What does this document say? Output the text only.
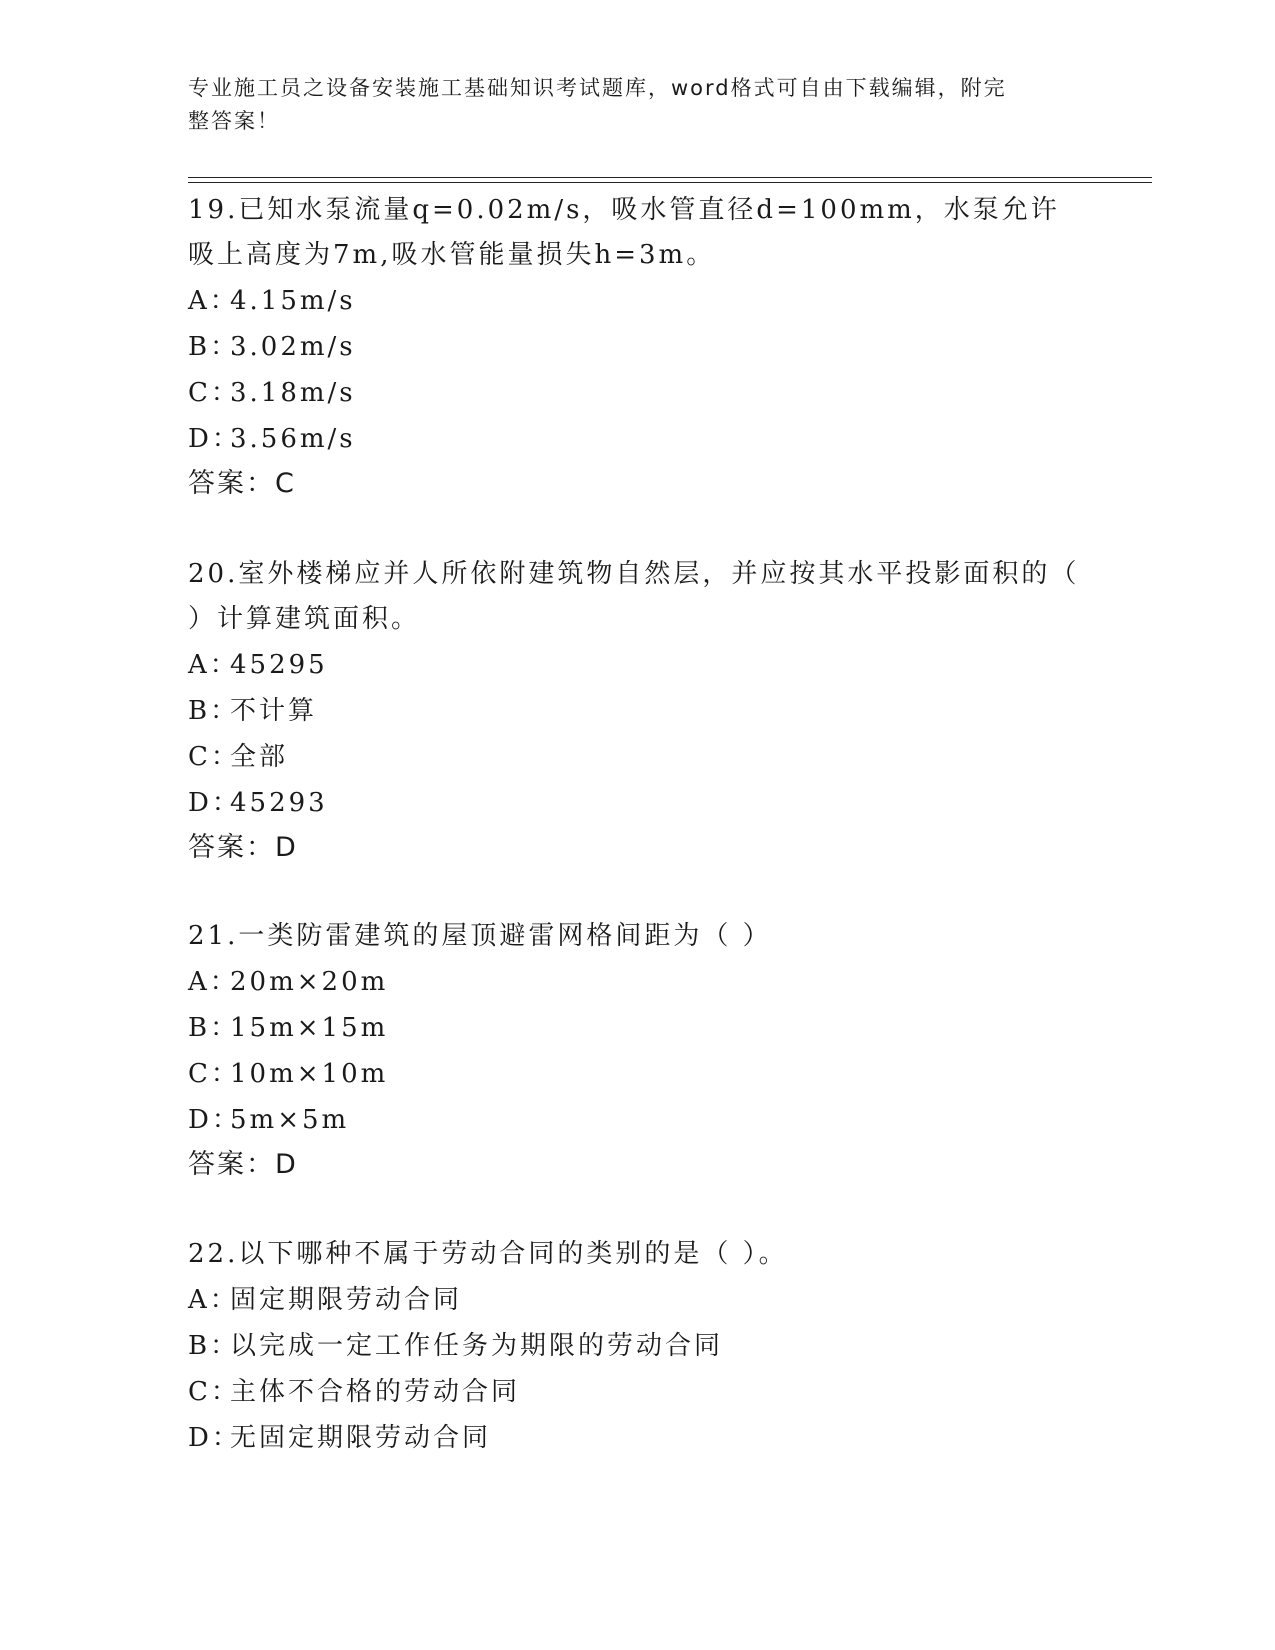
专业施工员之设备安装施工基础知识考试题库，word格式可自由下载编辑，附完
整答案！

19.已知水泵流量q=0.02m/s，吸水管直径d=100mm，水泵允许吸上高度为7m,吸水管能量损失h=3m。

A：4.15m/s

B：3.02m/s

C：3.18m/s

D：3.56m/s

答案：C

20.室外楼梯应并人所依附建筑物自然层，并应按其水平投影面积的（ ）计算建筑面积。

A：45295

B：不计算

C：全部

D：45293

答案：D

21.一类防雷建筑的屋顶避雷网格间距为（ ）

A：20m×20m

B：15m×15m

C：10m×10m

D：5m×5m

答案：D

22.以下哪种不属于劳动合同的类别的是（ ）。

A：固定期限劳动合同

B：以完成一定工作任务为期限的劳动合同

C：主体不合格的劳动合同

D：无固定期限劳动合同
